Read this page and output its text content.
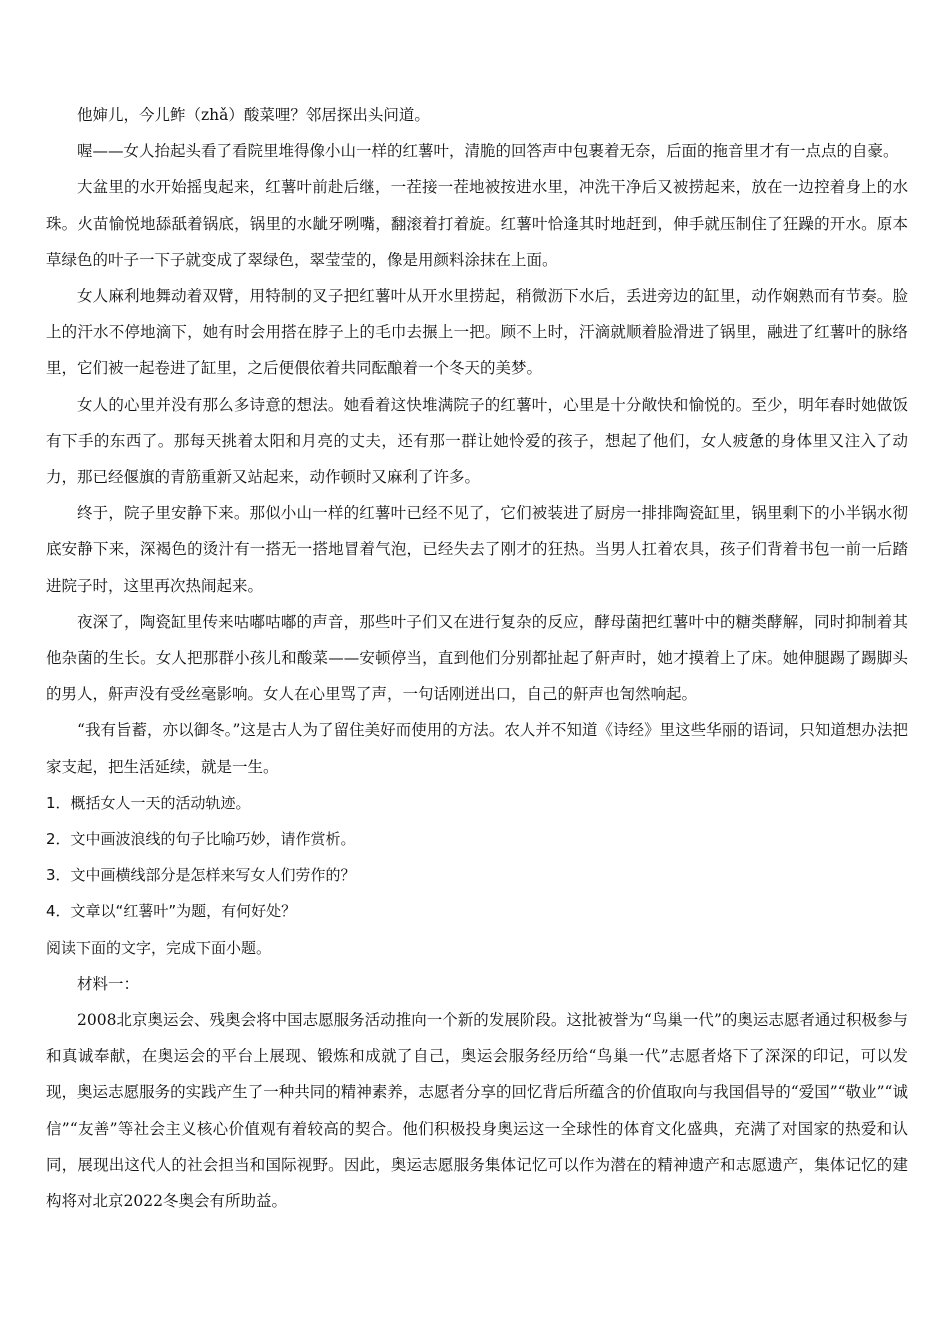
他婶儿，今儿鲊（zhǎ）酸菜哩？邻居探出头问道。

喔——女人抬起头看了看院里堆得像小山一样的红薯叶，清脆的回答声中包裹着无奈，后面的拖音里才有一点点的自豪。

大盆里的水开始摇曳起来，红薯叶前赴后继，一茬接一茬地被按进水里，冲洗干净后又被捞起来，放在一边控着身上的水珠。火苗愉悦地舔舐着锅底，锅里的水龇牙咧嘴，翻滚着打着旋。红薯叶恰逢其时地赶到，伸手就压制住了狂躁的开水。原本草绿色的叶子一下子就变成了翠绿色，翠莹莹的，像是用颜料涂抹在上面。

女人麻利地舞动着双臂，用特制的叉子把红薯叶从开水里捞起，稍微沥下水后，丢进旁边的缸里，动作娴熟而有节奏。脸上的汗水不停地滴下，她有时会用搭在脖子上的毛巾去搌上一把。顾不上时，汗滴就顺着脸滑进了锅里，融进了红薯叶的脉络里，它们被一起卷进了缸里，之后便偎依着共同酝酿着一个冬天的美梦。

女人的心里并没有那么多诗意的想法。她看着这快堆满院子的红薯叶，心里是十分敞快和愉悦的。至少，明年春时她做饭有下手的东西了。那每天挑着太阳和月亮的丈夫，还有那一群让她怜爱的孩子，想起了他们，女人疲惫的身体里又注入了动力，那已经偃旗的青筋重新又站起来，动作顿时又麻利了许多。

终于，院子里安静下来。那似小山一样的红薯叶已经不见了，它们被装进了厨房一排排陶瓷缸里，锅里剩下的小半锅水彻底安静下来，深褐色的烫汁有一搭无一搭地冒着气泡，已经失去了刚才的狂热。当男人扛着农具，孩子们背着书包一前一后踏进院子时，这里再次热闹起来。

夜深了，陶瓷缸里传来咕嘟咕嘟的声音，那些叶子们又在进行复杂的反应，酵母菌把红薯叶中的糖类酵解，同时抑制着其他杂菌的生长。女人把那群小孩儿和酸菜——安顿停当，直到他们分别都扯起了鼾声时，她才摸着上了床。她伸腿踢了踢脚头的男人，鼾声没有受丝毫影响。女人在心里骂了声，一句话刚迸出口，自己的鼾声也訇然响起。

“我有旨蓄，亦以御冬。”这是古人为了留住美好而使用的方法。农人并不知道《诗经》里这些华丽的语词，只知道想办法把家支起，把生活延续，就是一生。

1．概括女人一天的活动轨迹。

2．文中画波浪线的句子比喻巧妙，请作赏析。

3．文中画横线部分是怎样来写女人们劳作的？

4．文章以“红薯叶”为题，有何好处？

阅读下面的文字，完成下面小题。

材料一：

2008北京奥运会、残奥会将中国志愿服务活动推向一个新的发展阶段。这批被誉为“鸟巢一代”的奥运志愿者通过积极参与和真诚奉献，在奥运会的平台上展现、锻炼和成就了自己，奥运会服务经历给“鸟巢一代”志愿者烙下了深深的印记，可以发现，奥运志愿服务的实践产生了一种共同的精神素养，志愿者分享的回忆背后所蕴含的价值取向与我国倡导的“爱国”“敬业”“诚信”“友善”等社会主义核心价值观有着较高的契合。他们积极投身奥运这一全球性的体育文化盛典，充满了对国家的热爱和认同，展现出这代人的社会担当和国际视野。因此，奥运志愿服务集体记忆可以作为潜在的精神遗产和志愿遗产，集体记忆的建构将对北京2022冬奥会有所助益。
